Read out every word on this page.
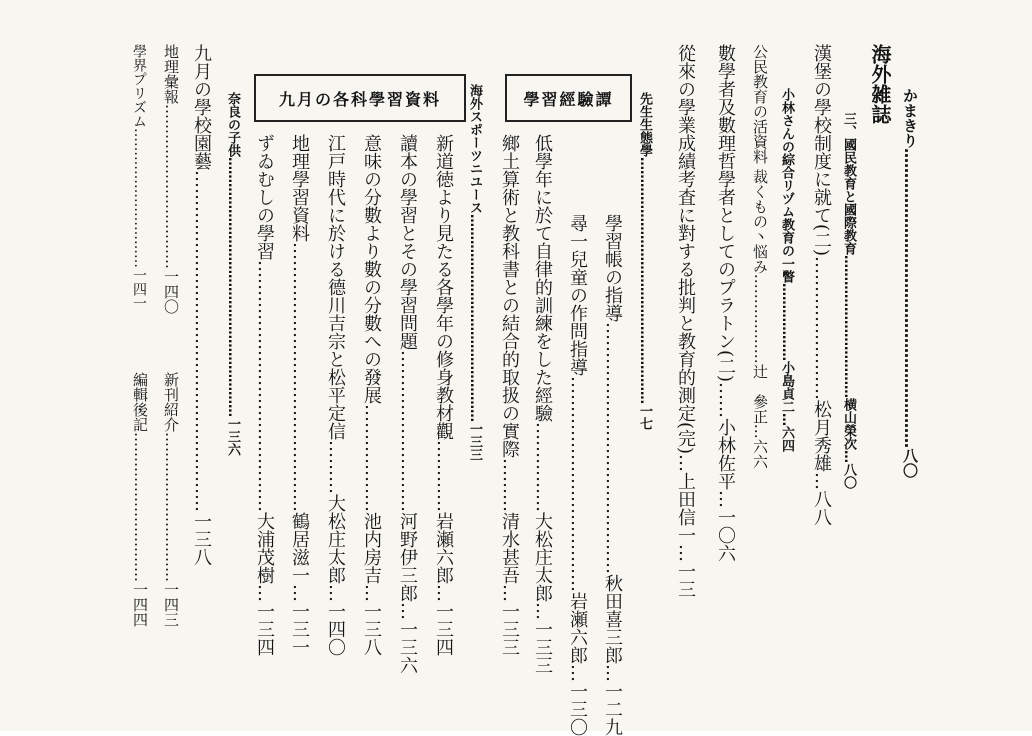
かまきり……………………………………………………八〇
海外雑誌
三、國民教育と國際教育……………………………横山榮次…八〇
漢堡の學校制度に就て(二)……………………松月秀雄…八八
小林さんの綜合リヅム教育の一瞥………………小島貞二…六四
公民教育の活資料 裁くもの丶悩み………………辻　參正…六六
數學者及數理哲學者としてのプラトン(二)……小林佐平…一〇六
從來の學業成績考査に對する批判と教育的測定(完)…上田信一…一三
先生生態學…………………………………………………一七
學習經驗譚
學習帳の指導……………………………………秋田喜三郎…一二九
尋一兒童の作問指導………………………………岩瀬六郎…一三〇
低學年に於て自律的訓練をした經驗……………大松庄太郎…一三三
鄉土算術と教科書との結合的取扱の實際………清水甚吾…一三三
海外スポーツニユース…………………………………………一三三
九月の各科學習資料
新道徳より見たる各學年の修身教材觀…………岩瀬六郎…一三四
讀本の學習とその學習問題………………………河野伊三郎…一三六
意味の分數より數の分數への發展………………池内房吉…一三八
江戸時代に於ける德川吉宗と松平定信………大松庄太郎…一四〇
地理學習資料………………………………………鶴居滋一…一三一
ずゐむしの學習……………………………………大浦茂樹…一三四
奈良の子供……………………………………………………一三六
九月の學校園藝…………………………………………………一三八
地理彙報……………………………一四〇
新刊紹介…………………………一四三
學界プリズム…………………………一四一
編輯後記…………………………一四四
